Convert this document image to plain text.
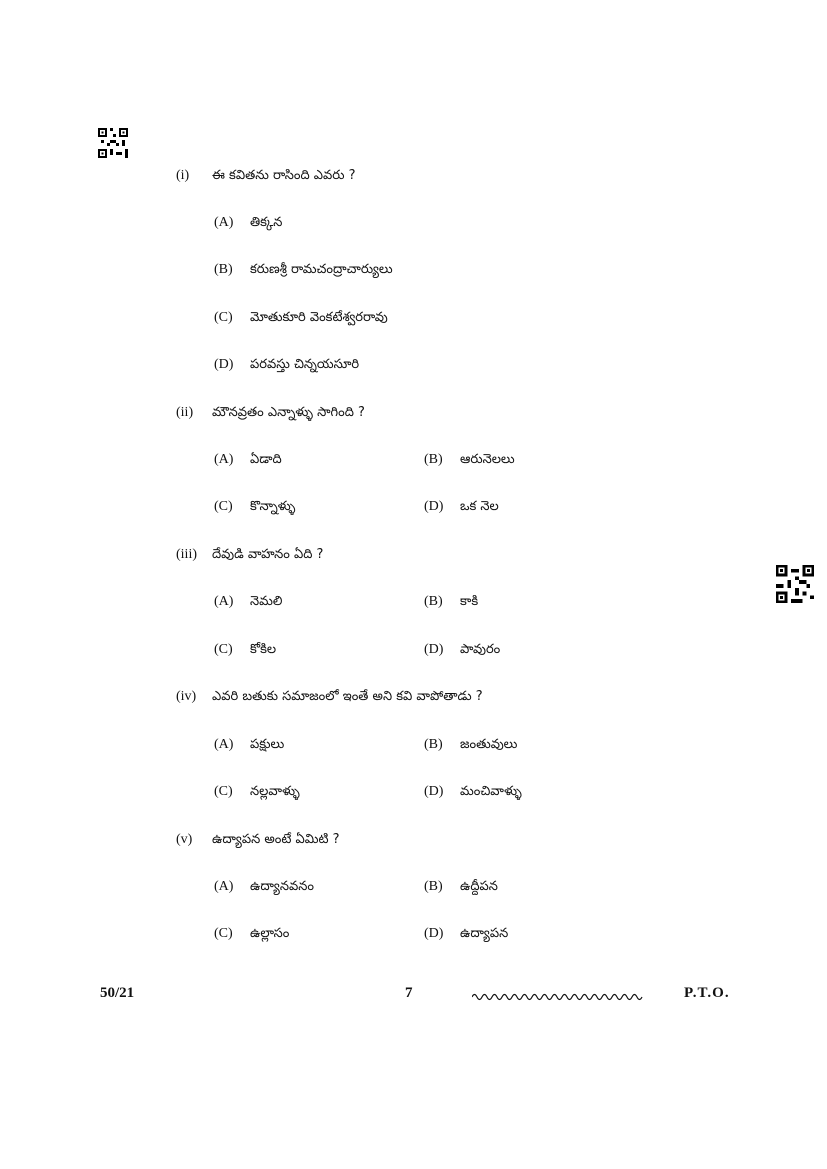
(i) ఈ కవితను రాసింది ఎవరు ?
(A) తిక్కన
(B) కరుణశ్రీ రామచంద్రాచార్యులు
(C) మోతుకూరి వెంకటేశ్వరరావు
(D) పరవస్తు చిన్నయసూరి
(ii) మౌనవ్రతం ఎన్నాళ్ళు సాగింది ?
(A) ఏడాది	(B) ఆరునెలలు
(C) కొన్నాళ్ళు	(D) ఒక నెల
(iii) దేవుడి వాహనం ఏది ?
(A) నెమలి	(B) కాకి
(C) కోకిల	(D) పావురం
(iv) ఎవరి బతుకు సమాజంలో ఇంతే అని కవి వాపోతాడు ?
(A) పక్షులు	(B) జంతువులు
(C) నల్లవాళ్ళు	(D) మంచివాళ్ళు
(v) ఉద్యాపన అంటే ఏమిటి ?
(A) ఉద్యానవనం	(B) ఉద్దీపన
(C) ఉల్లాసం	(D) ఉద్యాపన
50/21	7	P.T.O.
